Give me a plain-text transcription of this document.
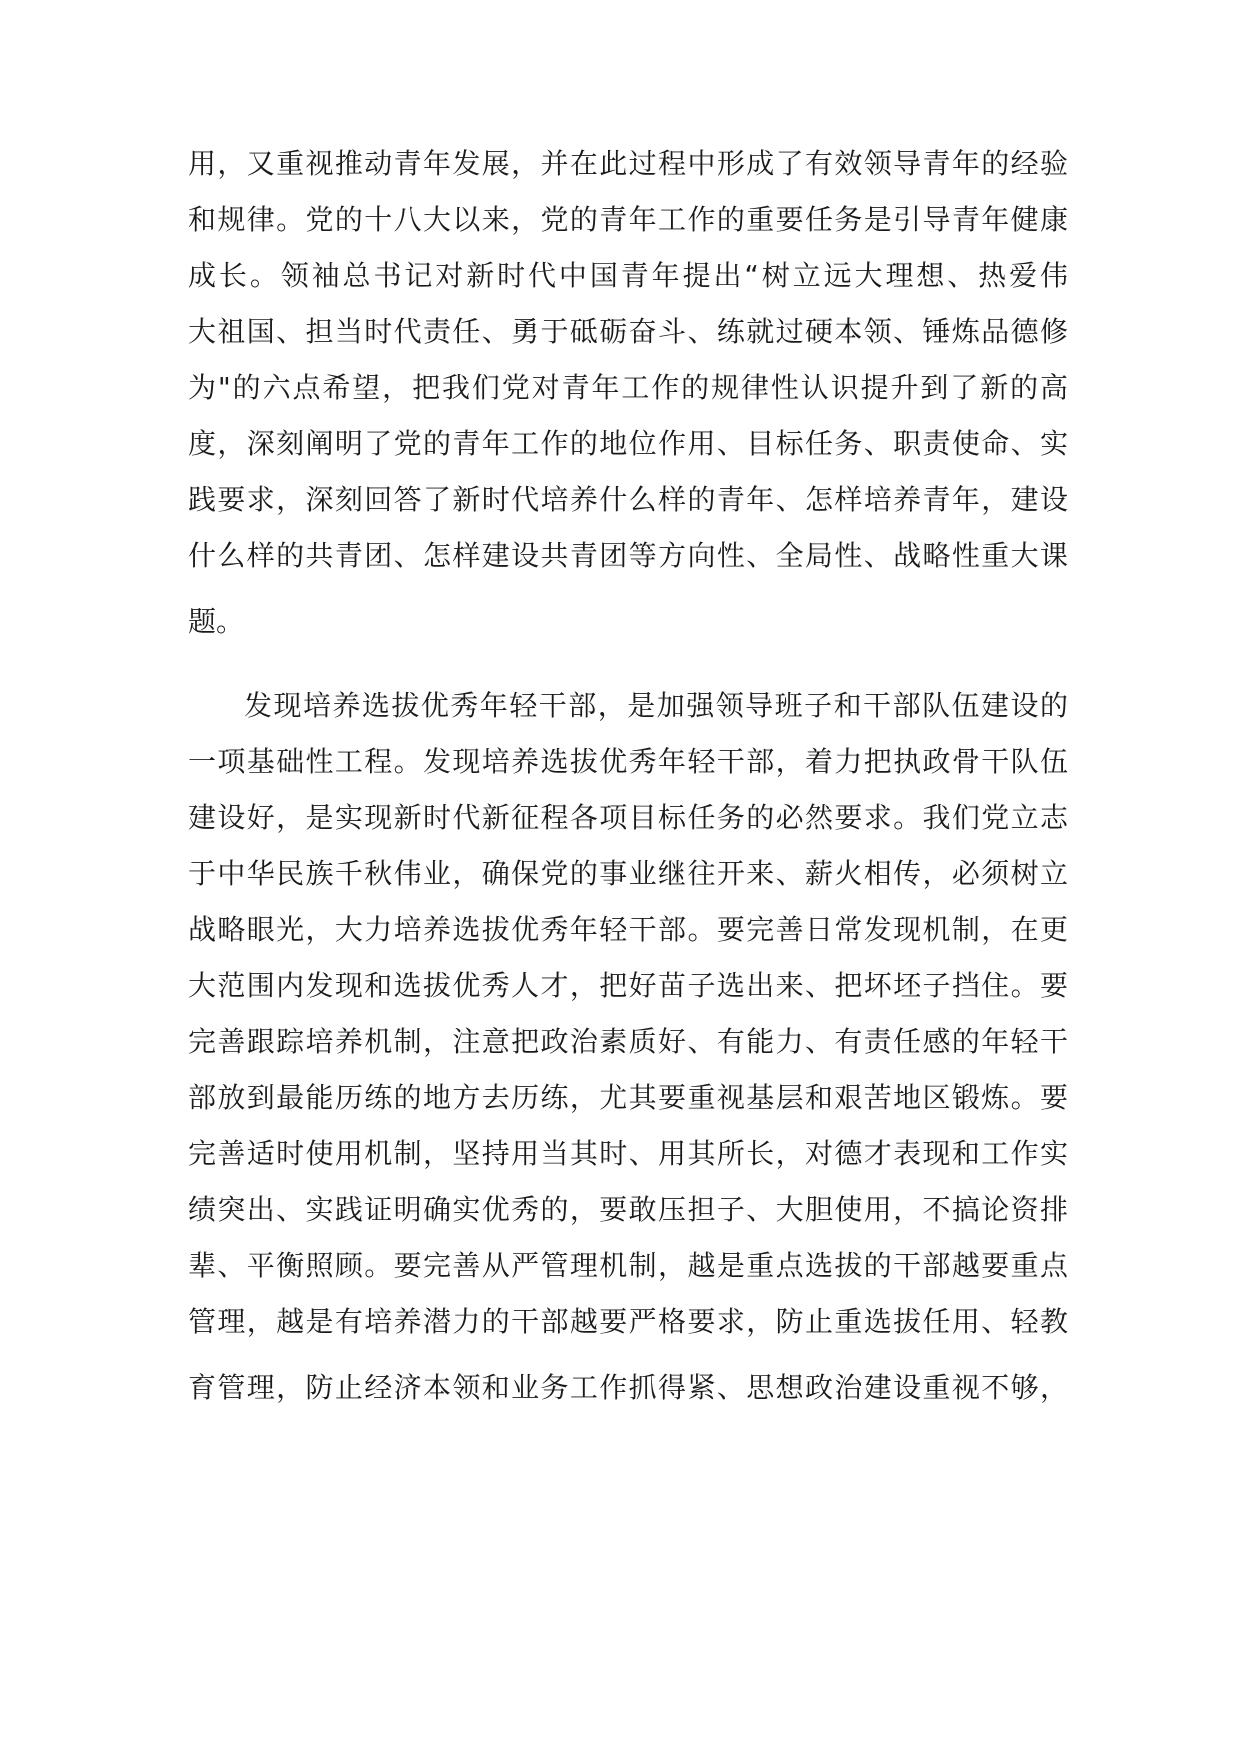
用，又重视推动青年发展，并在此过程中形成了有效领导青年的经验
和规律。党的十八大以来，党的青年工作的重要任务是引导青年健康
成长。领袖总书记对新时代中国青年提出“树立远大理想、热爱伟
大祖国、担当时代责任、勇于砥砺奋斗、练就过硬本领、锤炼品德修
为"的六点希望，把我们党对青年工作的规律性认识提升到了新的高
度，深刻阐明了党的青年工作的地位作用、目标任务、职责使命、实
践要求，深刻回答了新时代培养什么样的青年、怎样培养青年，建设
什么样的共青团、怎样建设共青团等方向性、全局性、战略性重大课
题。
发现培养选拔优秀年轻干部，是加强领导班子和干部队伍建设的
一项基础性工程。发现培养选拔优秀年轻干部，着力把执政骨干队伍
建设好，是实现新时代新征程各项目标任务的必然要求。我们党立志
于中华民族千秋伟业，确保党的事业继往开来、薪火相传，必须树立
战略眼光，大力培养选拔优秀年轻干部。要完善日常发现机制，在更
大范围内发现和选拔优秀人才，把好苗子选出来、把坏坯子挡住。要
完善跟踪培养机制，注意把政治素质好、有能力、有责任感的年轻干
部放到最能历练的地方去历练，尤其要重视基层和艰苦地区锻炼。要
完善适时使用机制，坚持用当其时、用其所长，对德才表现和工作实
绩突出、实践证明确实优秀的，要敢压担子、大胆使用，不搞论资排
辈、平衡照顾。要完善从严管理机制，越是重点选拔的干部越要重点
管理，越是有培养潜力的干部越要严格要求，防止重选拔任用、轻教
育管理，防止经济本领和业务工作抓得紧、思想政治建设重视不够，
